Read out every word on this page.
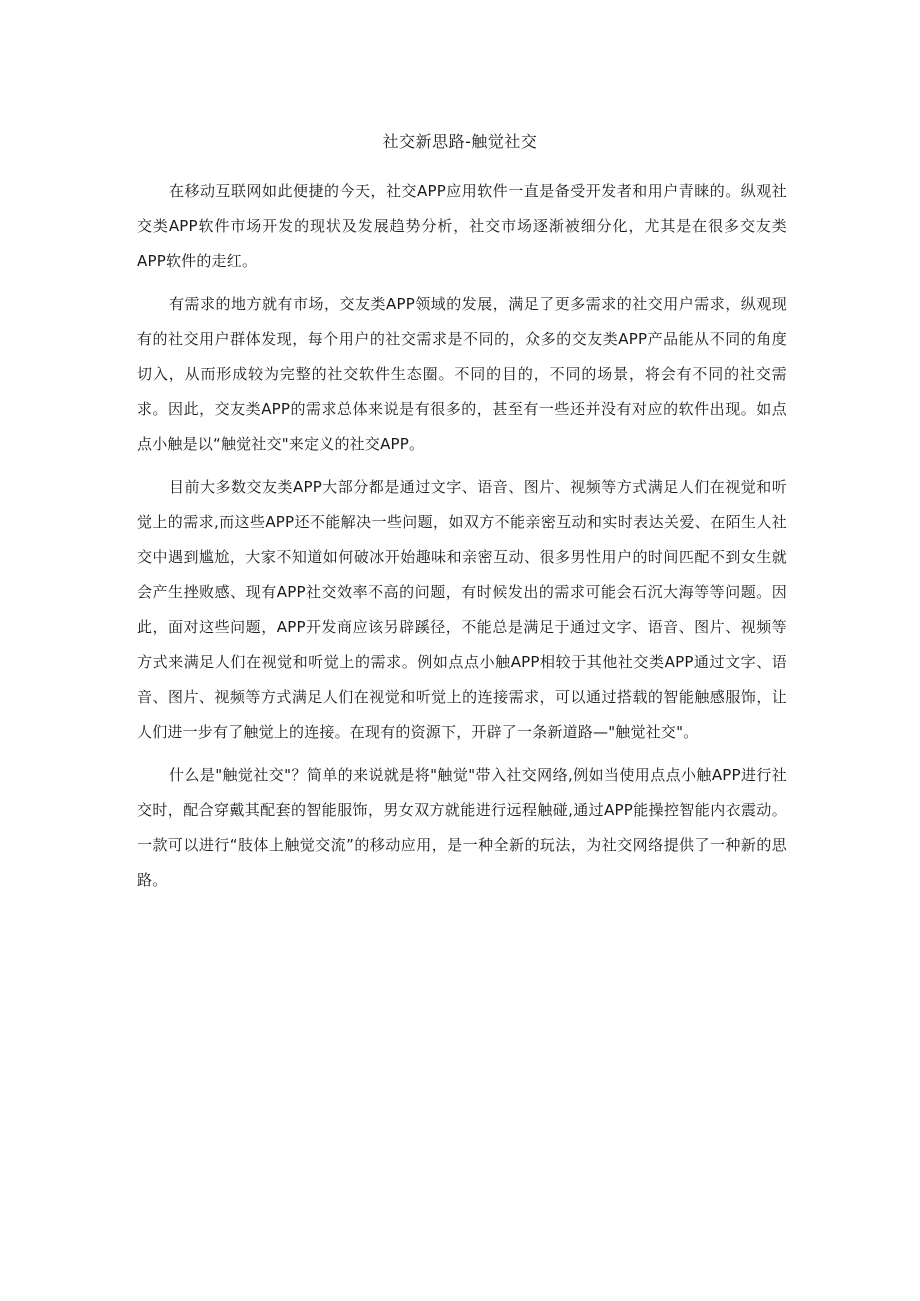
社交新思路-触觉社交

在移动互联网如此便捷的今天，社交APP应用软件一直是备受开发者和用户青睐的。纵观社交类APP软件市场开发的现状及发展趋势分析，社交市场逐渐被细分化，尤其是在很多交友类APP软件的走红。

有需求的地方就有市场，交友类APP领域的发展，满足了更多需求的社交用户需求，纵观现有的社交用户群体发现，每个用户的社交需求是不同的，众多的交友类APP产品能从不同的角度切入，从而形成较为完整的社交软件生态圈。不同的目的，不同的场景，将会有不同的社交需求。因此，交友类APP的需求总体来说是有很多的，甚至有一些还并没有对应的软件出现。如点点小触是以“触觉社交"来定义的社交APP。

目前大多数交友类APP大部分都是通过文字、语音、图片、视频等方式满足人们在视觉和听觉上的需求,而这些APP还不能解决一些问题，如双方不能亲密互动和实时表达关爱、在陌生人社交中遇到尴尬，大家不知道如何破冰开始趣味和亲密互动、很多男性用户的时间匹配不到女生就会产生挫败感、现有APP社交效率不高的问题，有时候发出的需求可能会石沉大海等等问题。因此，面对这些问题，APP开发商应该另辟蹊径，不能总是满足于通过文字、语音、图片、视频等方式来满足人们在视觉和听觉上的需求。例如点点小触APP相较于其他社交类APP通过文字、语音、图片、视频等方式满足人们在视觉和听觉上的连接需求，可以通过搭载的智能触感服饰，让人们进一步有了触觉上的连接。在现有的资源下，开辟了一条新道路—"触觉社交"。

什么是"触觉社交"？简单的来说就是将"触觉"带入社交网络,例如当使用点点小触APP进行社交时，配合穿戴其配套的智能服饰，男女双方就能进行远程触碰,通过APP能操控智能内衣震动。一款可以进行“肢体上触觉交流”的移动应用，是一种全新的玩法，为社交网络提供了一种新的思路。
